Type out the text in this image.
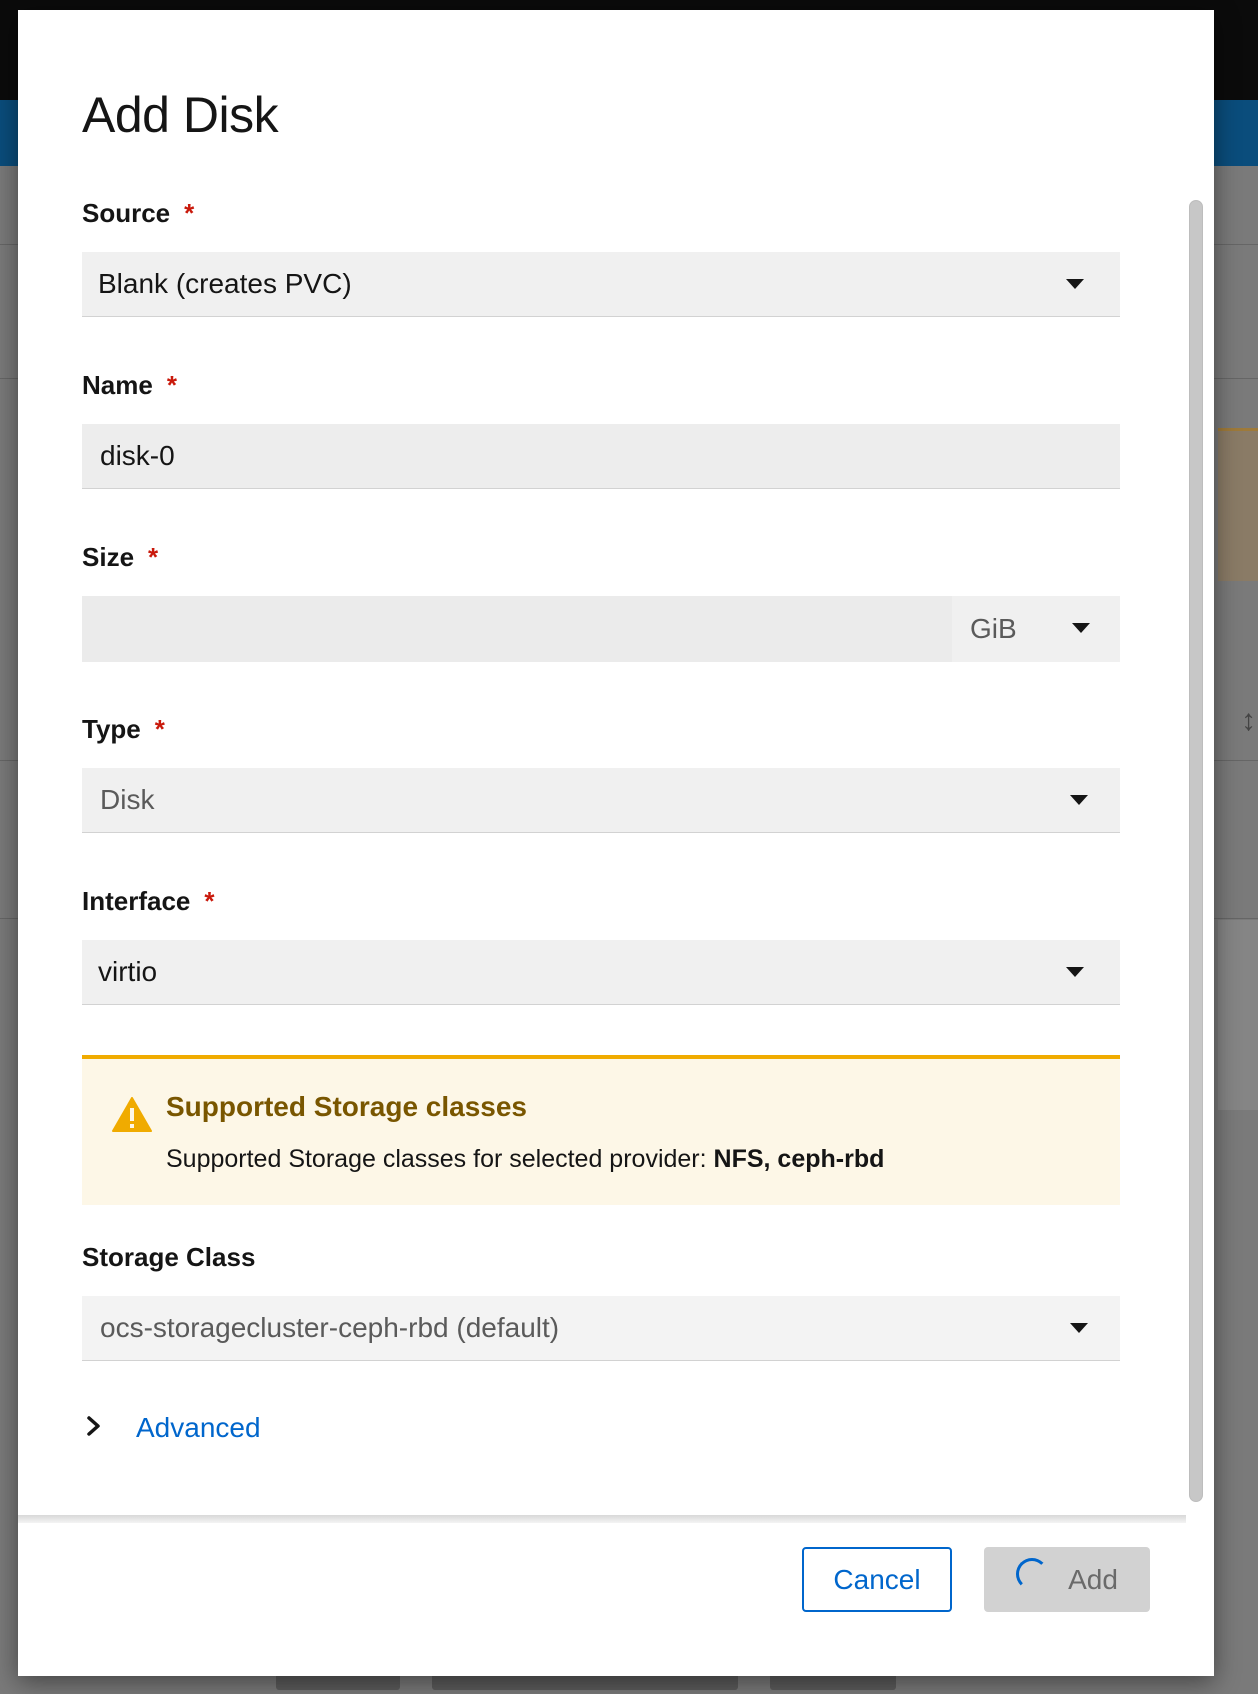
↕
Add Disk
Source *
Blank (creates PVC)
Name *
disk-0
Size *
GiB
Type *
Disk
Interface *
virtio
Supported Storage classes
Supported Storage classes for selected provider: NFS, ceph-rbd
Storage Class
ocs-storagecluster-ceph-rbd (default)
Advanced
Cancel	Add
